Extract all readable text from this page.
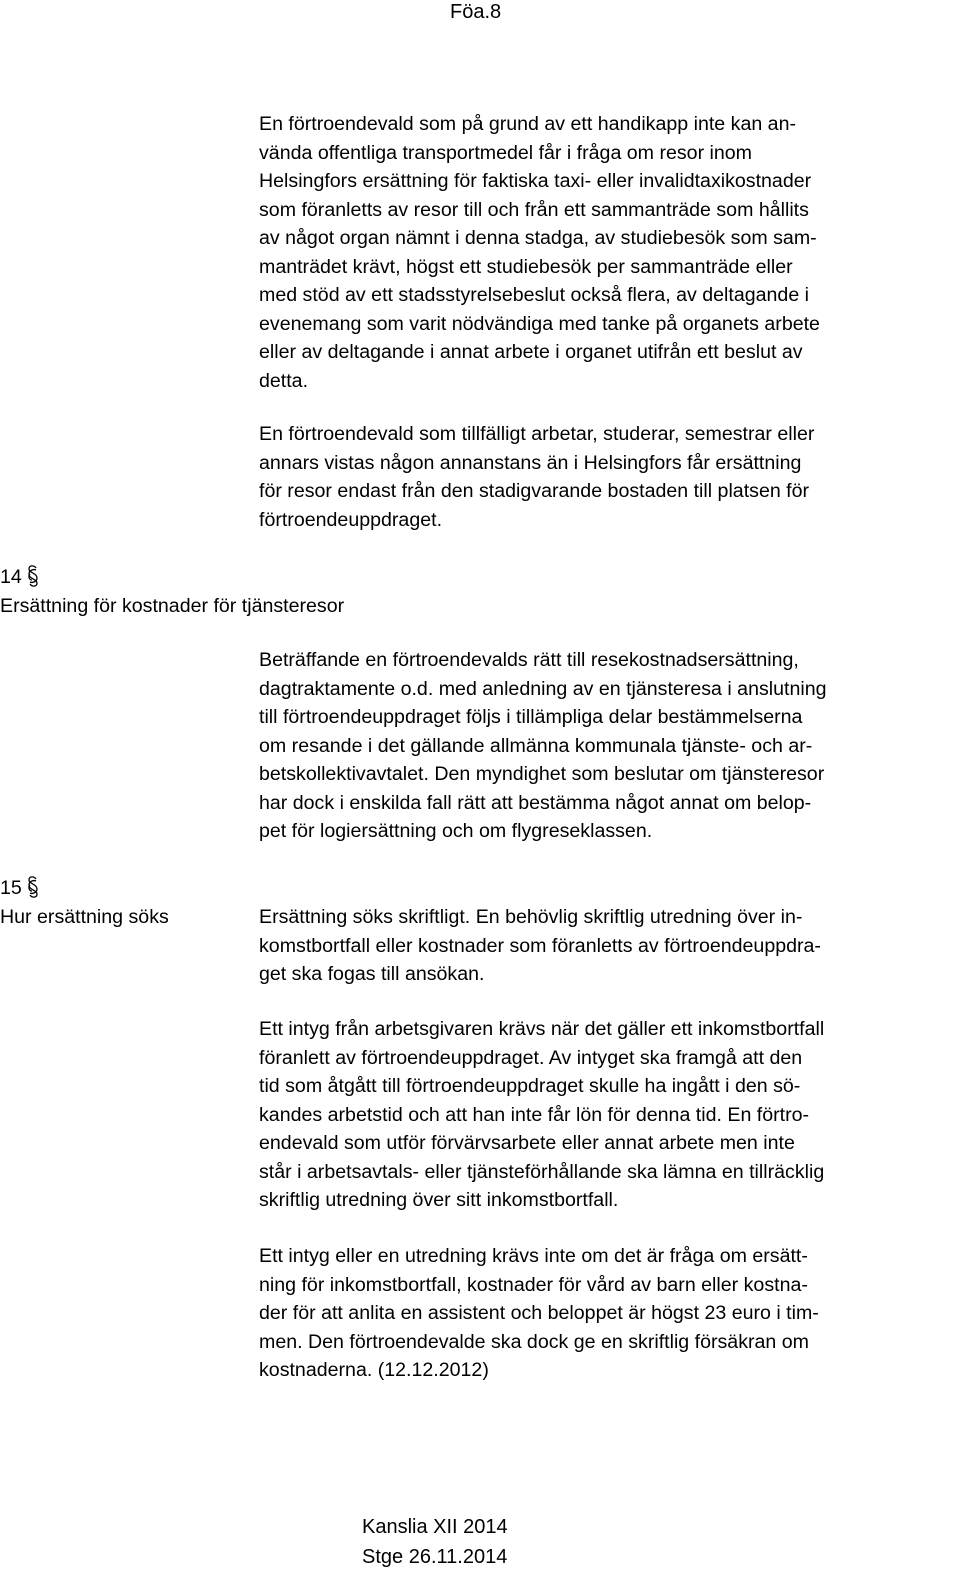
Föa.8

En förtroendevald som på grund av ett handikapp inte kan an-
vända offentliga transportmedel får i fråga om resor inom
Helsingfors ersättning för faktiska taxi- eller invalidtaxikostnader
som föranletts av resor till och från ett sammanträde som hållits
av något organ nämnt i denna stadga, av studiebesök som sam-
manträdet krävt, högst ett studiebesök per sammanträde eller
med stöd av ett stadsstyrelsebeslut också flera, av deltagande i
evenemang som varit nödvändiga med tanke på organets arbete
eller av deltagande i annat arbete i organet utifrån ett beslut av
detta.

En förtroendevald som tillfälligt arbetar, studerar, semestrar eller
annars vistas någon annanstans än i Helsingfors får ersättning
för resor endast från den stadigvarande bostaden till platsen för
förtroendeuppdraget.

14
Ersättning för kostnader för tjänsteresor

Beträffande en förtroendevalds rätt till resekostnadsersättning,
dagtraktamente o.d. med anledning av en tjänsteresa i anslutning
till förtroendeuppdraget följs i tillämpliga delar bestämmelserna
om resande i det gällande allmänna kommunala tjänste- och ar-
betskollektivavtalet. Den myndighet som beslutar om tjänsteresor
har dock i enskilda fall rätt att bestämma något annat om belop-
pet för logiersättning och om flygreseklassen.

15
Hur ersättning söks	Ersättning söks skriftligt. En behövlig skriftlig utredning över in-
komstbortfall eller kostnader som föranletts av förtroendeuppdra-
get ska fogas till ansökan.

Ett intyg från arbetsgivaren krävs när det gäller ett inkomstbortfall
föranlett av förtroendeuppdraget. Av intyget ska framgå att den
tid som åtgått till förtroendeuppdraget skulle ha ingått i den sö-
kandes arbetstid och att han inte får lön för denna tid. En förtro-
endevald som utför förvärvsarbete eller annat arbete men inte
står i arbetsavtals- eller tjänsteförhållande ska lämna en tillräcklig
skriftlig utredning över sitt inkomstbortfall.

Ett intyg eller en utredning krävs inte om det är fråga om ersätt-
ning för inkomstbortfall, kostnader för vård av barn eller kostna-
der för att anlita en assistent och beloppet är högst 23 euro i tim-
men. Den förtroendevalde ska dock ge en skriftlig försäkran om
kostnaderna. (12.12.2012)

Kanslia XII 2014
Stge 26.11.2014
